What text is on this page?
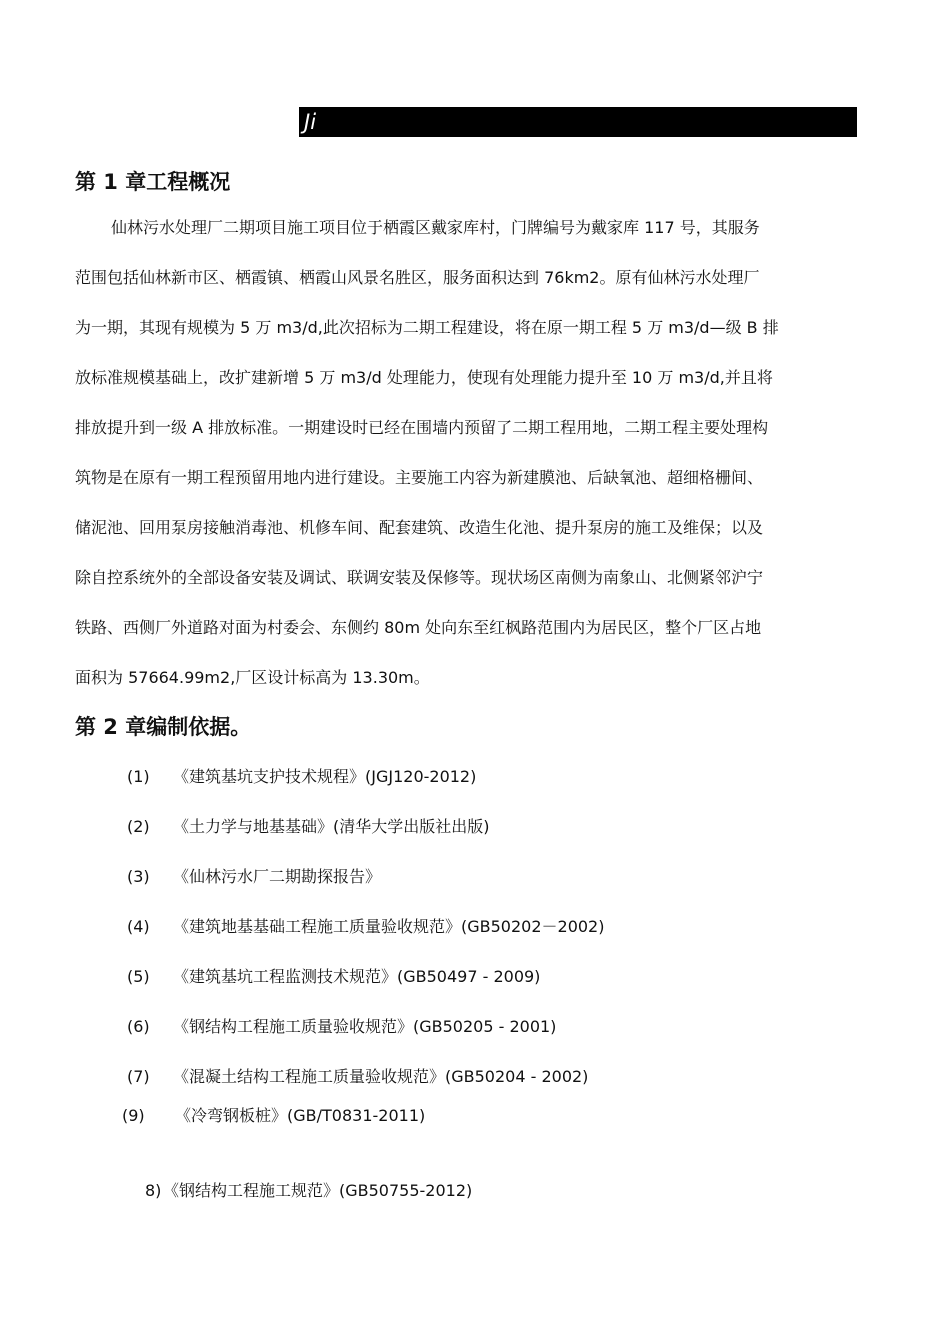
Ji
第 1 章工程概况
仙林污水处理厂二期项目施工项目位于栖霞区戴家库村，门牌编号为戴家库 117 号，其服务
范围包括仙林新市区、栖霞镇、栖霞山风景名胜区，服务面积达到 76km2。原有仙林污水处理厂
为一期，其现有规模为 5 万 m3/d,此次招标为二期工程建设，将在原一期工程 5 万 m3/d—级 B 排
放标准规模基础上，改扩建新增 5 万 m3/d 处理能力，使现有处理能力提升至 10 万 m3/d,并且将
排放提升到一级 A 排放标准。一期建设时已经在围墙内预留了二期工程用地，二期工程主要处理构
筑物是在原有一期工程预留用地内进行建设。主要施工内容为新建膜池、后缺氧池、超细格栅间、
储泥池、回用泵房接触消毒池、机修车间、配套建筑、改造生化池、提升泵房的施工及维保；以及
除自控系统外的全部设备安装及调试、联调安装及保修等。现状场区南侧为南象山、北侧紧邻沪宁
铁路、西侧厂外道路对面为村委会、东侧约 80m 处向东至红枫路范围内为居民区，整个厂区占地
面积为 57664.99m2,厂区设计标高为 13.30m。
第 2 章编制依据。
(1) 《建筑基坑支护技术规程》(JGJ120-2012)
(2) 《土力学与地基基础》(清华大学出版社出版)
(3) 《仙林污水厂二期勘探报告》
(4) 《建筑地基基础工程施工质量验收规范》(GB50202－2002)
(5) 《建筑基坑工程监测技术规范》(GB50497 - 2009)
(6) 《钢结构工程施工质量验收规范》(GB50205 - 2001)
(7) 《混凝土结构工程施工质量验收规范》(GB50204 - 2002)
(9) 《冷弯钢板桩》(GB/T0831-2011)
8) 《钢结构工程施工规范》(GB50755-2012)
